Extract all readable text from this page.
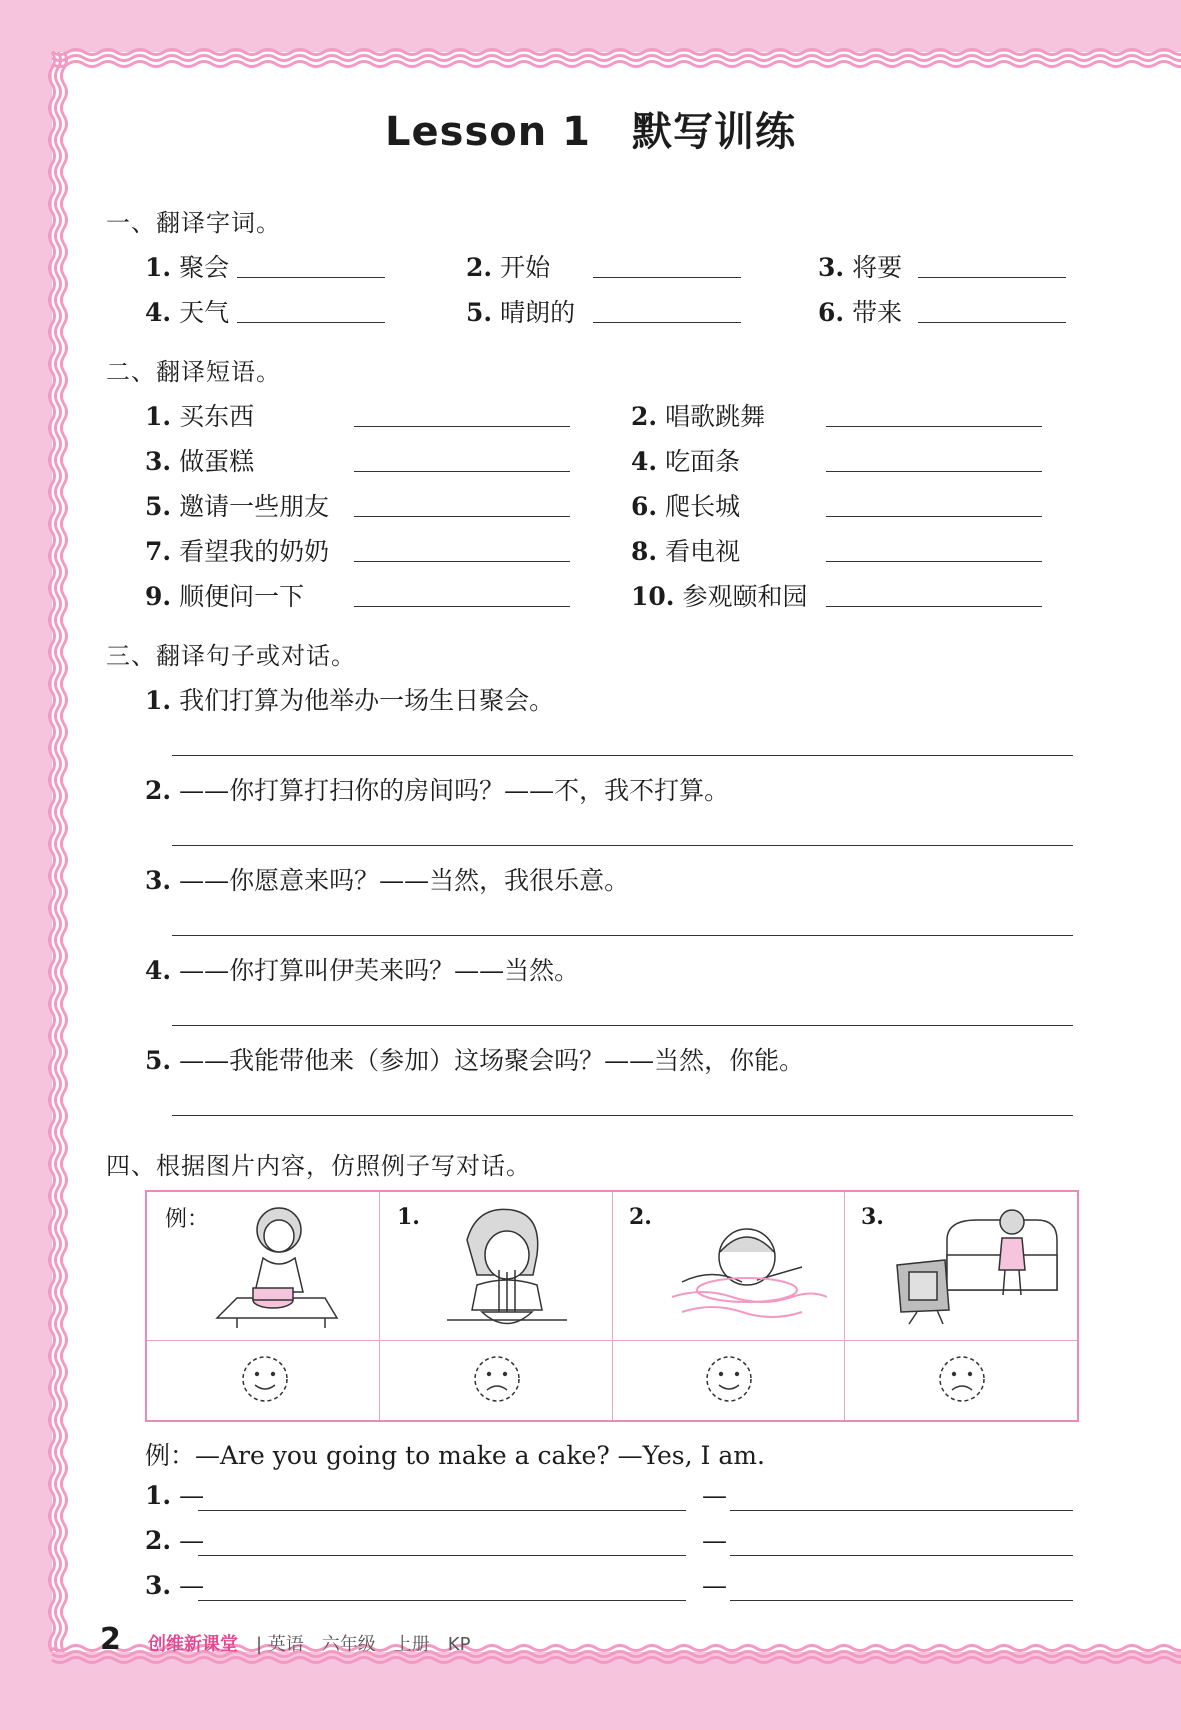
Lesson 1　默写训练
一、翻译字词。
1. 聚会	2. 开始	3. 将要
4. 天气	5. 晴朗的	6. 带来
二、翻译短语。
1. 买东西	2. 唱歌跳舞
3. 做蛋糕	4. 吃面条
5. 邀请一些朋友	6. 爬长城
7. 看望我的奶奶	8. 看电视
9. 顺便问一下	10. 参观颐和园
三、翻译句子或对话。
1. 我们打算为他举办一场生日聚会。
2. ——你打算打扫你的房间吗？——不，我不打算。
3. ——你愿意来吗？——当然，我很乐意。
4. ——你打算叫伊芙来吗？——当然。
5. ——我能带他来（参加）这场聚会吗？——当然，你能。
四、根据图片内容，仿照例子写对话。
例：	1.	2.	3.
例：—Are you going to make a cake? —Yes, I am.
1. —	—
2. —	—
3. —	—
2 创维新课堂 | 英语　六年级　上册　KP
